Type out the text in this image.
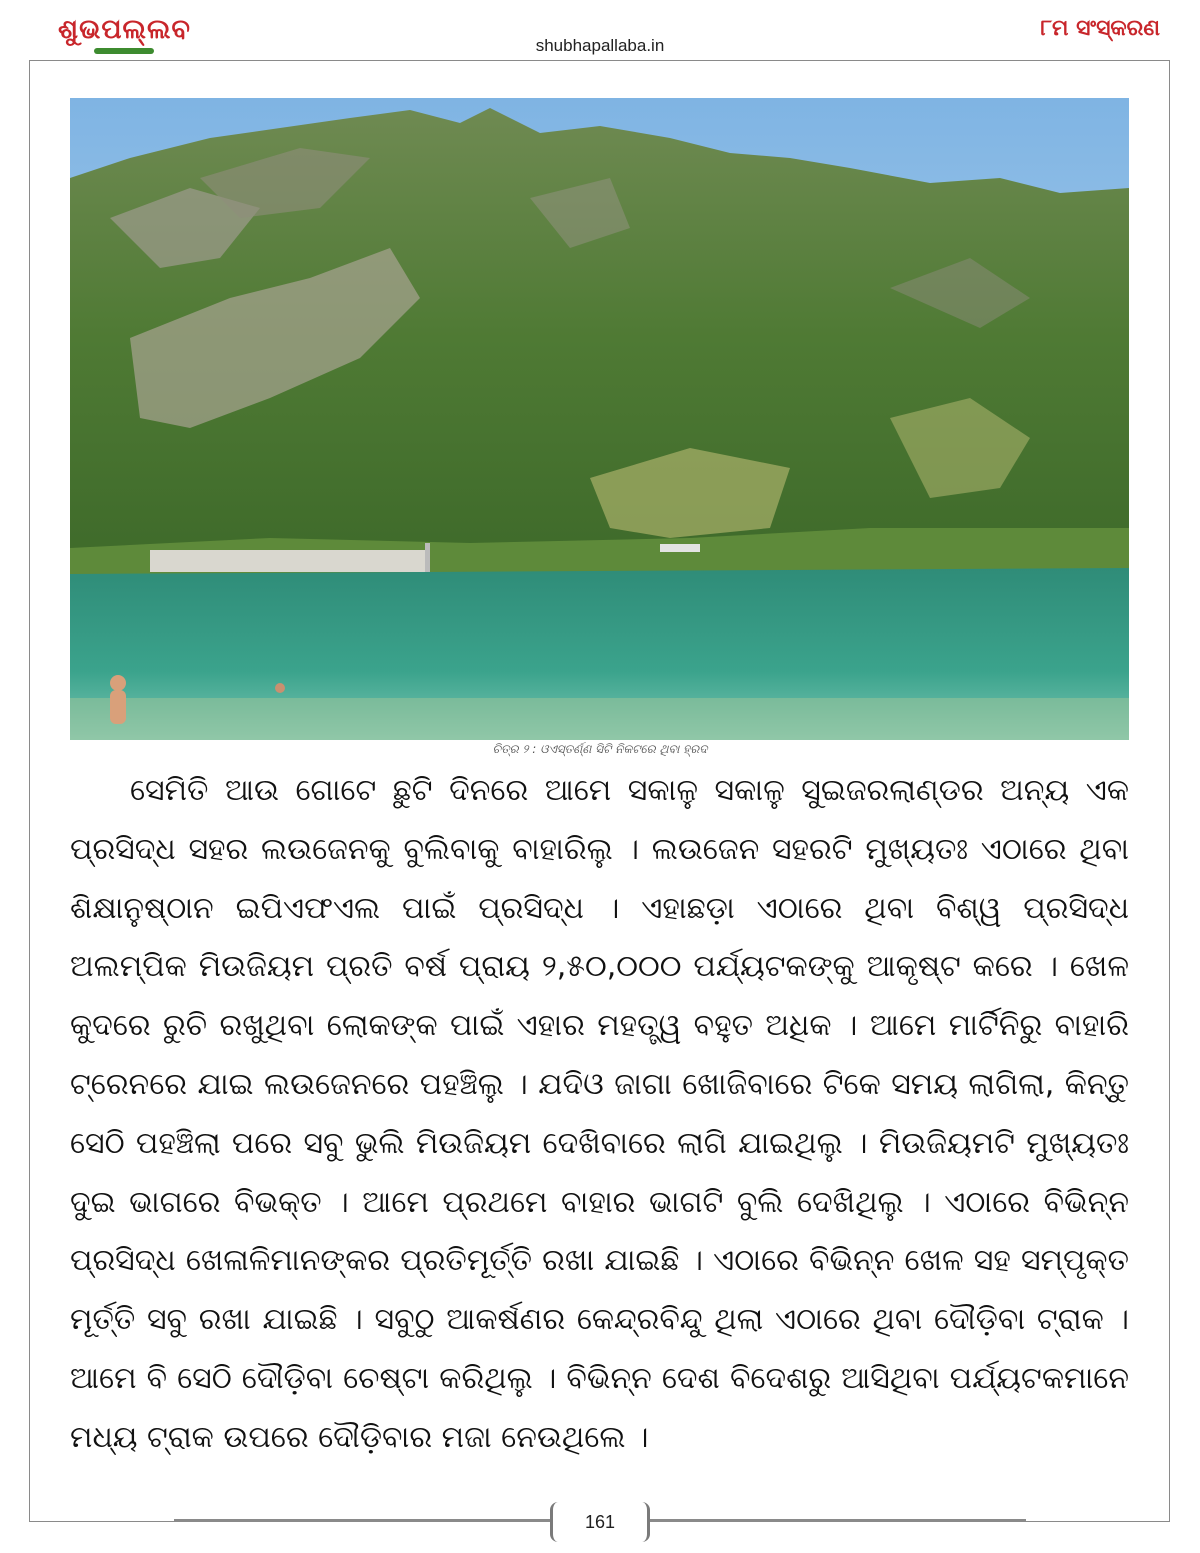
ଶୁଭପଲ୍ଲବ
shubhapallaba.in
୮ମ ସଂସ୍କରଣ
ଚିତ୍ର ୨ : ଓଏସ୍ତର୍ଣ୍ଣ ସିଟି ନିକଟରେ ଥିବା ହ୍ରଦ
ସେମିତି ଆଉ ଗୋଟେ ଛୁଟି ଦିନରେ ଆମେ ସକାଳୁ ସକାଳୁ ସୁଇଜରଲାଣ୍ଡର ଅନ୍ୟ ଏକ ପ୍ରସିଦ୍ଧ ସହର ଲଉଜେନକୁ ବୁଲିବାକୁ ବାହାରିଲୁ । ଲଉଜେନ ସହରଟି ମୁଖ୍ୟତଃ ଏଠାରେ ଥିବା ଶିକ୍ଷାନୁଷ୍ଠାନ ଇପିଏଫଏଲ ପାଇଁ ପ୍ରସିଦ୍ଧ । ଏହାଛଡ଼ା ଏଠାରେ ଥିବା ବିଶ୍ୱ ପ୍ରସିଦ୍ଧ ଅଲମ୍ପିକ ମିଉଜିୟମ ପ୍ରତି ବର୍ଷ ପ୍ରାୟ ୨,୫୦,୦୦୦ ପର୍ଯ୍ୟଟକଙ୍କୁ ଆକୃଷ୍ଟ କରେ । ଖେଳ କୁଦରେ ରୁଚି ରଖୁଥିବା ଲୋକଙ୍କ ପାଇଁ ଏହାର ମହତ୍ତ୍ୱ ବହୁତ ଅଧିକ । ଆମେ ମାର୍ଟିନିରୁ ବାହାରି ଟ୍ରେନରେ ଯାଇ ଲଉଜେନରେ ପହଞ୍ଚିଲୁ । ଯଦିଓ ଜାଗା ଖୋଜିବାରେ ଟିକେ ସମୟ ଲାଗିଲା, କିନ୍ତୁ ସେଠି ପହଞ୍ଚିଲା ପରେ ସବୁ ଭୁଲି ମିଉଜିୟମ ଦେଖିବାରେ ଲାଗି ଯାଇଥିଲୁ । ମିଉଜିୟମଟି ମୁଖ୍ୟତଃ ଦୁଇ ଭାଗରେ ବିଭକ୍ତ । ଆମେ ପ୍ରଥମେ ବାହାର ଭାଗଟି ବୁଲି ଦେଖିଥିଲୁ । ଏଠାରେ ବିଭିନ୍ନ ପ୍ରସିଦ୍ଧ ଖେଳାଳିମାନଙ୍କର ପ୍ରତିମୂର୍ତ୍ତି ରଖା ଯାଇଛି । ଏଠାରେ ବିଭିନ୍ନ ଖେଳ ସହ ସମ୍ପୃକ୍ତ ମୂର୍ତ୍ତି ସବୁ ରଖା ଯାଇଛି । ସବୁଠୁ ଆକର୍ଷଣର କେନ୍ଦ୍ରବିନ୍ଦୁ ଥିଲା ଏଠାରେ ଥିବା ଦୌଡ଼ିବା ଟ୍ରାକ । ଆମେ ବି ସେଠି ଦୌଡ଼ିବା ଚେଷ୍ଟା କରିଥିଲୁ । ବିଭିନ୍ନ ଦେଶ ବିଦେଶରୁ ଆସିଥିବା ପର୍ଯ୍ୟଟକମାନେ ମଧ୍ୟ ଟ୍ରାକ ଉପରେ ଦୌଡ଼ିବାର ମଜା ନେଉଥିଲେ ।
161
